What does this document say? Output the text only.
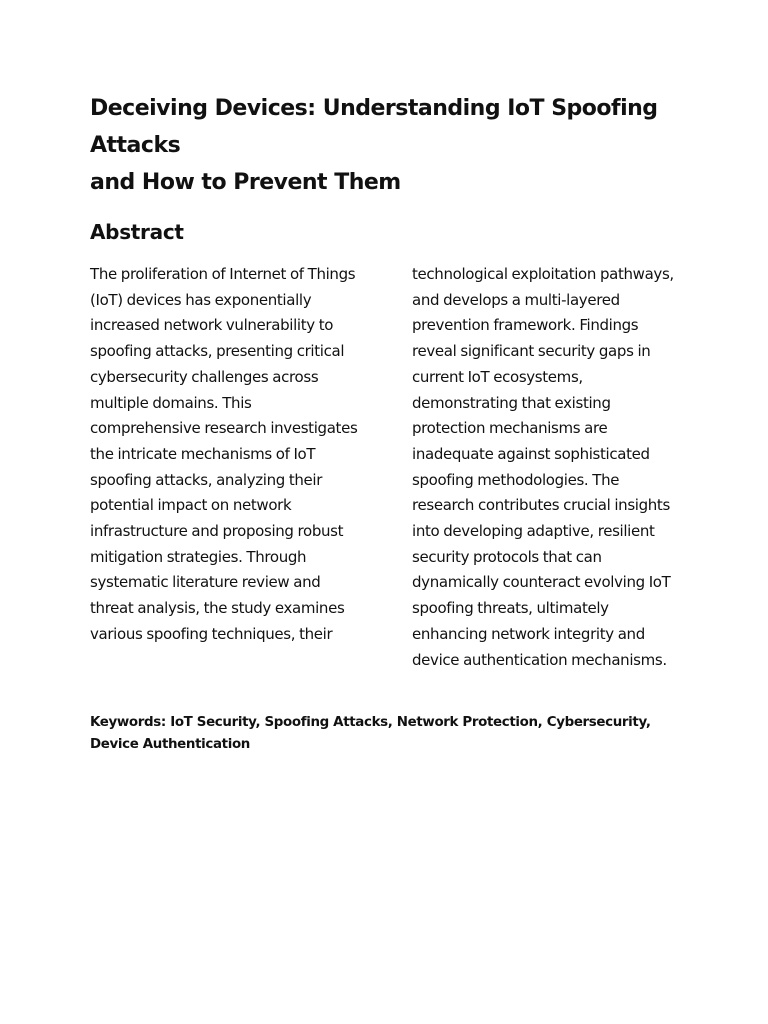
Deceiving Devices: Understanding IoT Spoofing Attacks
and How to Prevent Them
Abstract

The proliferation of Internet of Things (IoT) devices has exponentially increased network vulnerability to spoofing attacks, presenting critical cybersecurity challenges across multiple domains. This comprehensive research investigates the intricate mechanisms of IoT spoofing attacks, analyzing their potential impact on network infrastructure and proposing robust mitigation strategies. Through systematic literature review and threat analysis, the study examines various spoofing techniques, their

technological exploitation pathways, and develops a multi-layered prevention framework. Findings reveal significant security gaps in current IoT ecosystems, demonstrating that existing protection mechanisms are inadequate against sophisticated spoofing methodologies. The research contributes crucial insights into developing adaptive, resilient security protocols that can dynamically counteract evolving IoT spoofing threats, ultimately enhancing network integrity and device authentication mechanisms.

Keywords: IoT Security, Spoofing Attacks, Network Protection, Cybersecurity, Device Authentication
